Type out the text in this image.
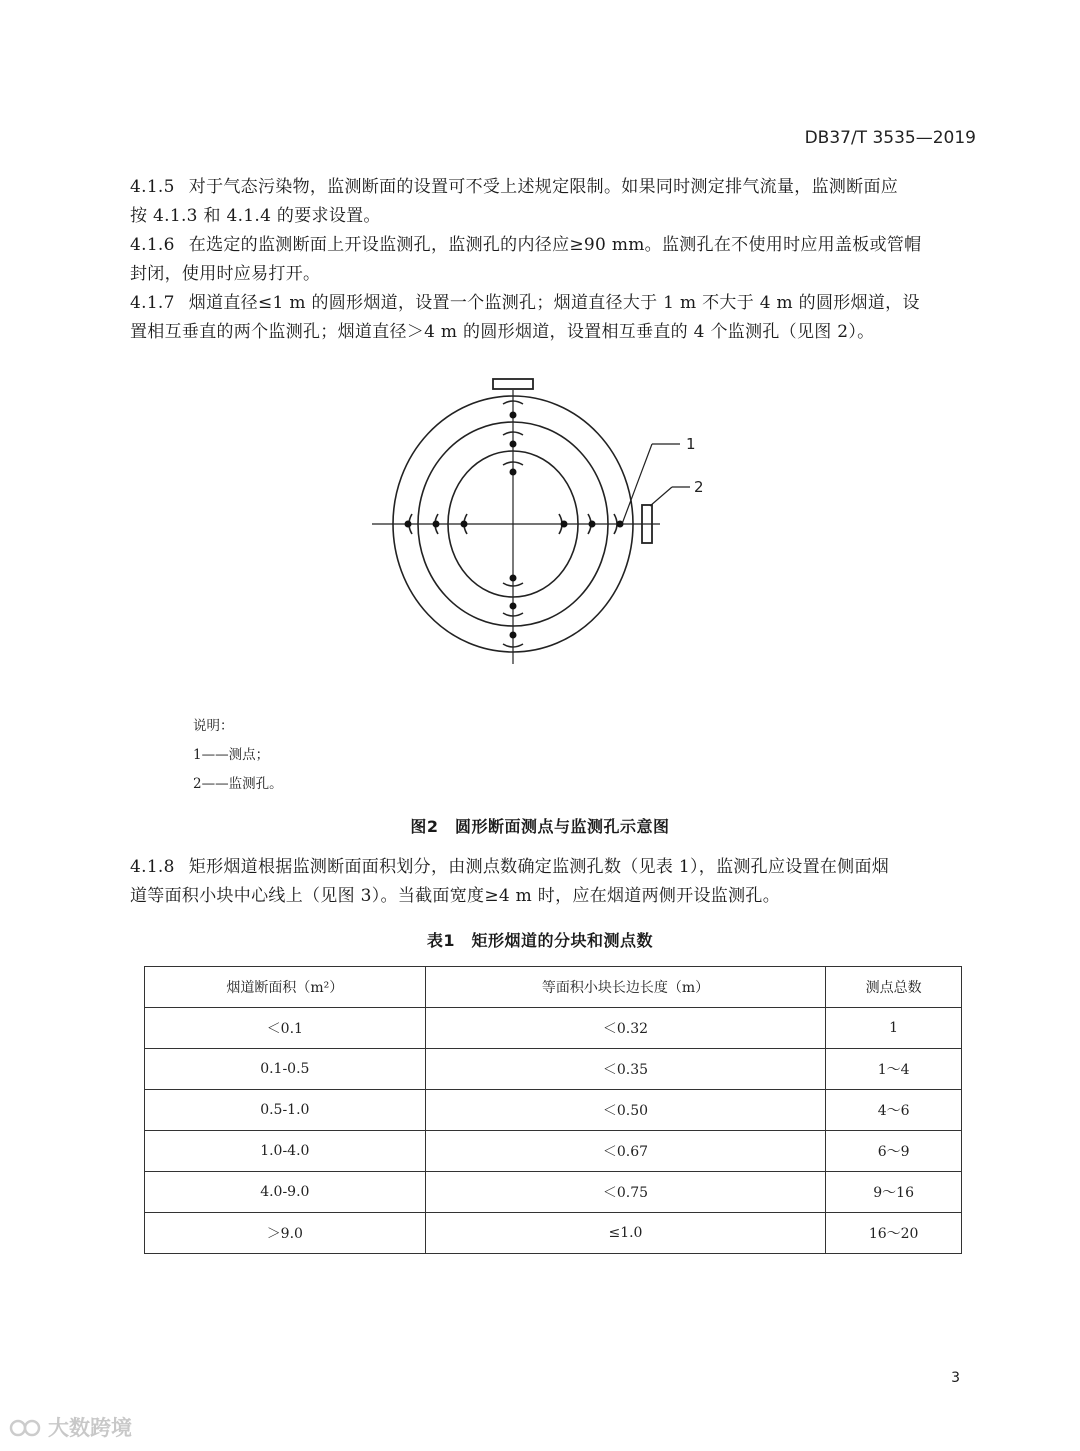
DB37/T 3535—2019
4.1.5 对于气态污染物，监测断面的设置可不受上述规定限制。如果同时测定排气流量，监测断面应
按 4.1.3 和 4.1.4 的要求设置。
4.1.6 在选定的监测断面上开设监测孔，监测孔的内径应≥90 mm。监测孔在不使用时应用盖板或管帽
封闭，使用时应易打开。
4.1.7 烟道直径≤1 m 的圆形烟道，设置一个监测孔；烟道直径大于 1 m 不大于 4 m 的圆形烟道，设
置相互垂直的两个监测孔；烟道直径＞4 m 的圆形烟道，设置相互垂直的 4 个监测孔（见图 2）。
1
2
说明：
1——测点；
2——监测孔。
图2　圆形断面测点与监测孔示意图
4.1.8 矩形烟道根据监测断面面积划分，由测点数确定监测孔数（见表 1），监测孔应设置在侧面烟
道等面积小块中心线上（见图 3）。当截面宽度≥4 m 时，应在烟道两侧开设监测孔。
表1　矩形烟道的分块和测点数
烟道断面积（m²）	等面积小块长边长度（m）	测点总数
＜0.1	＜0.32	1
0.1-0.5	＜0.35	1～4
0.5-1.0	＜0.50	4～6
1.0-4.0	＜0.67	6～9
4.0-9.0	＜0.75	9～16
＞9.0	≤1.0	16～20
3
大数跨境
